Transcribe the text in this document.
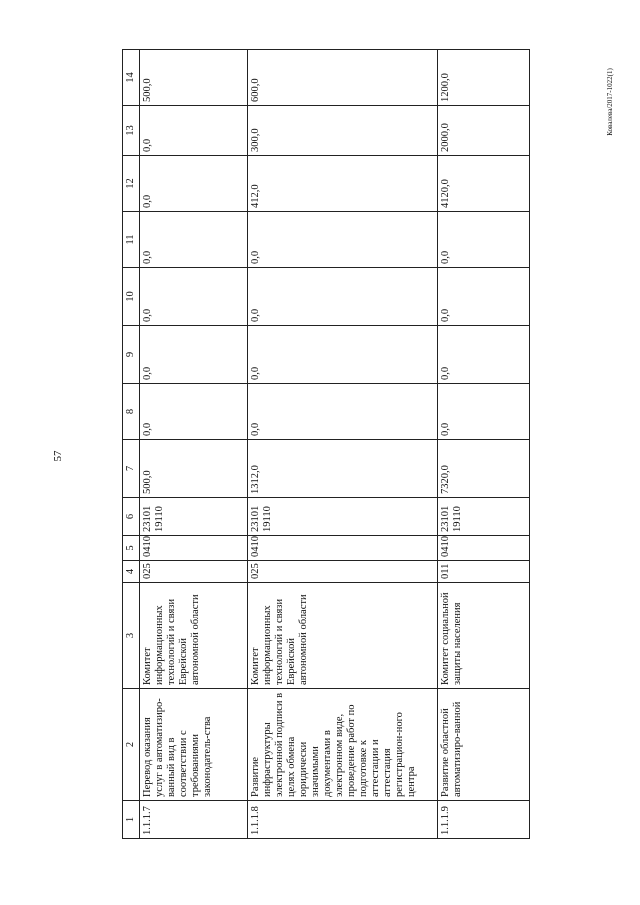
57
Ковалева/2017-1022(1)
1	2	3	4	5	6	7	8	9	10	11	12	13	14
1.1.1.7	Перевод оказания услуг в автоматизиро-ванный вид в соответствии с требованиями законодатель-ства	Комитет информационных технологий и связи Еврейской автономной области	025	0410	23101 19110	500,0	0,0	0,0	0,0	0,0	0,0	0,0	500,0
1.1.1.8	Развитие инфраструктуры электронной подписи в целях обмена юридически значимыми документами в электронном виде, проведение работ по подготовке к аттестации и аттестация регистрацион-ного центра	Комитет информационных технологий и связи Еврейской автономной области	025	0410	23101 19110	1312,0	0,0	0,0	0,0	0,0	412,0	300,0	600,0
1.1.1.9	Развитие областной автоматизиро-ванной	Комитет социальной защиты населения	011	0410	23101 19110	7320,0	0,0	0,0	0,0	0,0	4120,0	2000,0	1200,0
